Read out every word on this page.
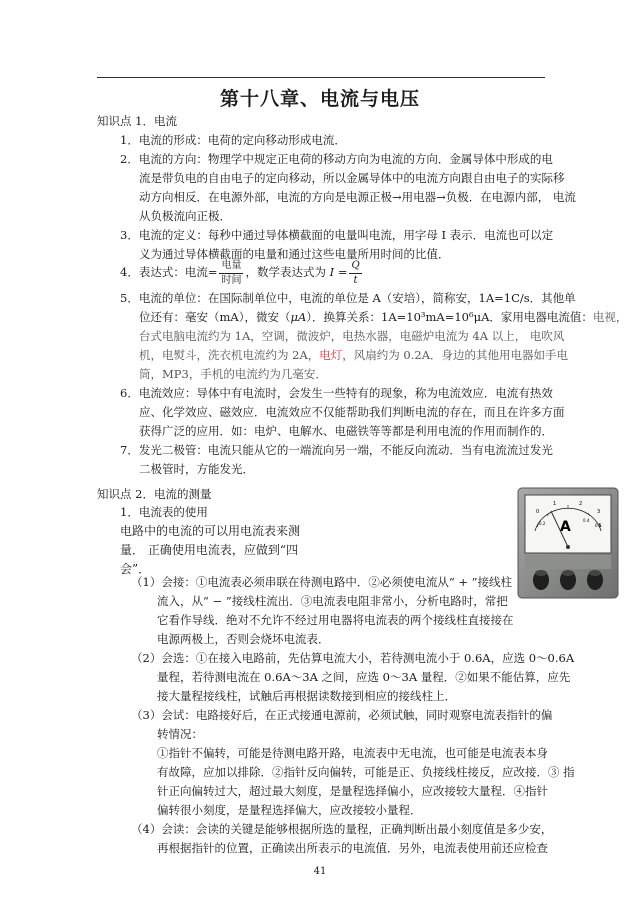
第十八章、电流与电压

知识点 1．电流

1．电流的形成：电荷的定向移动形成电流．

2．电流的方向：物理学中规定正电荷的移动方向为电流的方向．金属导体中形成的电

流是带负电的自由电子的定向移动，所以金属导体中的电流方向跟自由电子的实际移

动方向相反．在电源外部，电流的方向是电源正极→用电器→负极．在电源内部， 电流

从负极流向正极．

3．电流的定义：每秒中通过导体横截面的电量叫电流，用字母 I 表示．电流也可以定

义为通过导体横截面的电量和通过这些电量所用时间的比值．

4．表达式：电流= $\frac{\text{电量}}{\text{时间}}$ ，数学表达式为 $I = \frac{Q}{t}$

5．电流的单位：在国际制单位中，电流的单位是 A（安培），简称安，1A=1C/s．其他单

位还有：毫安（mA），微安（μA）．换算关系：1A=10³mA=10⁶μA．家用电器电流值：电视，

台式电脑电流约为 1A，空调，微波炉，电热水器，电磁炉电流为 4A 以上， 电吹风

机，电熨斗，洗衣机电流约为 2A，电灯，风扇约为 0.2A．身边的其他用电器如手电

筒，MP3，手机的电流约为几毫安．

6．电流效应：导体中有电流时，会发生一些特有的现象，称为电流效应．电流有热效

应、化学效应、磁效应．电流效应不仅能帮助我们判断电流的存在，而且在许多方面

获得广泛的应用．如：电炉、电解水、电磁铁等等都是利用电流的作用而制作的．

7．发光二极管：电流只能从它的一端流向另一端，不能反向流动．当有电流流过发光

二极管时，方能发光．

知识点 2．电流的测量

1．电流表的使用

电路中的电流的可以用电流表来测

量． 正确使用电流表，应做到“四

会”．

（1）会接：①电流表必须串联在待测电路中．②必须使电流从“ + ”接线柱

流入，从“ − ”接线柱流出．③电流表电阻非常小，分析电路时，常把

它看作导线．绝对不允许不经过用电器将电流表的两个接线柱直接接在

电源两极上，否则会烧坏电流表．

（2）会选：①在接入电路前，先估算电流大小，若待测电流小于 0.6A，应选 0～0.6A

量程，若待测电流在 0.6A～3A 之间，应选 0～3A 量程．②如果不能估算，应先

接大量程接线柱，试触后再根据读数接到相应的接线柱上．

（3）会试：电路接好后，在正式接通电源前，必须试触，同时观察电流表指针的偏

转情况：

①指针不偏转，可能是待测电路开路，电流表中无电流，也可能是电流表本身

有故障，应加以排除．②指针反向偏转，可能是正、负接线柱接反，应改接．③ 指

针正向偏转过大，超过最大刻度，是量程选择偏小，应改接较大量程．④指针

偏转很小刻度，是量程选择偏大，应改接较小量程．

（4）会读：会读的关键是能够根据所选的量程，正确判断出最小刻度值是多少安，

再根据指针的位置，正确读出所表示的电流值．另外，电流表使用前还应检查

0
1	2
3
0.2
0.4
0.6
A
41
